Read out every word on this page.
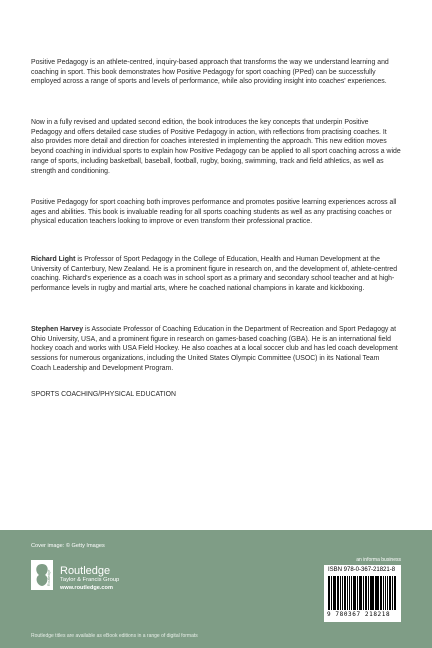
Positive Pedagogy is an athlete-centred, inquiry-based approach that transforms the way we understand learning and coaching in sport. This book demonstrates how Positive Pedagogy for sport coaching (PPed) can be successfully employed across a range of sports and levels of performance, while also providing insight into coaches' experiences.

Now in a fully revised and updated second edition, the book introduces the key concepts that underpin Positive Pedagogy and offers detailed case studies of Positive Pedagogy in action, with reflections from practising coaches. It also provides more detail and direction for coaches interested in implementing the approach. This new edition moves beyond coaching in individual sports to explain how Positive Pedagogy can be applied to all sport coaching across a wide range of sports, including basketball, baseball, football, rugby, boxing, swimming, track and field athletics, as well as strength and conditioning.

Positive Pedagogy for sport coaching both improves performance and promotes positive learning experiences across all ages and abilities. This book is invaluable reading for all sports coaching students as well as any practising coaches or physical education teachers looking to improve or even transform their professional practice.

Richard Light is Professor of Sport Pedagogy in the College of Education, Health and Human Development at the University of Canterbury, New Zealand. He is a prominent figure in research on, and the development of, athlete-centred coaching. Richard's experience as a coach was in school sport as a primary and secondary school teacher and at high-performance levels in rugby and martial arts, where he coached national champions in karate and kickboxing.

Stephen Harvey is Associate Professor of Coaching Education in the Department of Recreation and Sport Pedagogy at Ohio University, USA, and a prominent figure in research on games-based coaching (GBA). He is an international field hockey coach and works with USA Field Hockey. He also coaches at a local soccer club and has led coach development sessions for numerous organizations, including the United States Olympic Committee (USOC) in its National Team Coach Leadership and Development Program.

SPORTS COACHING/PHYSICAL EDUCATION
Cover image: © Getty Images
Routledge Routledge
Taylor & Francis Group
www.routledge.com
an informa business
ISBN 978-0-367-21821-8
9 780367 218218
Routledge titles are available as eBook editions in a range of digital formats
